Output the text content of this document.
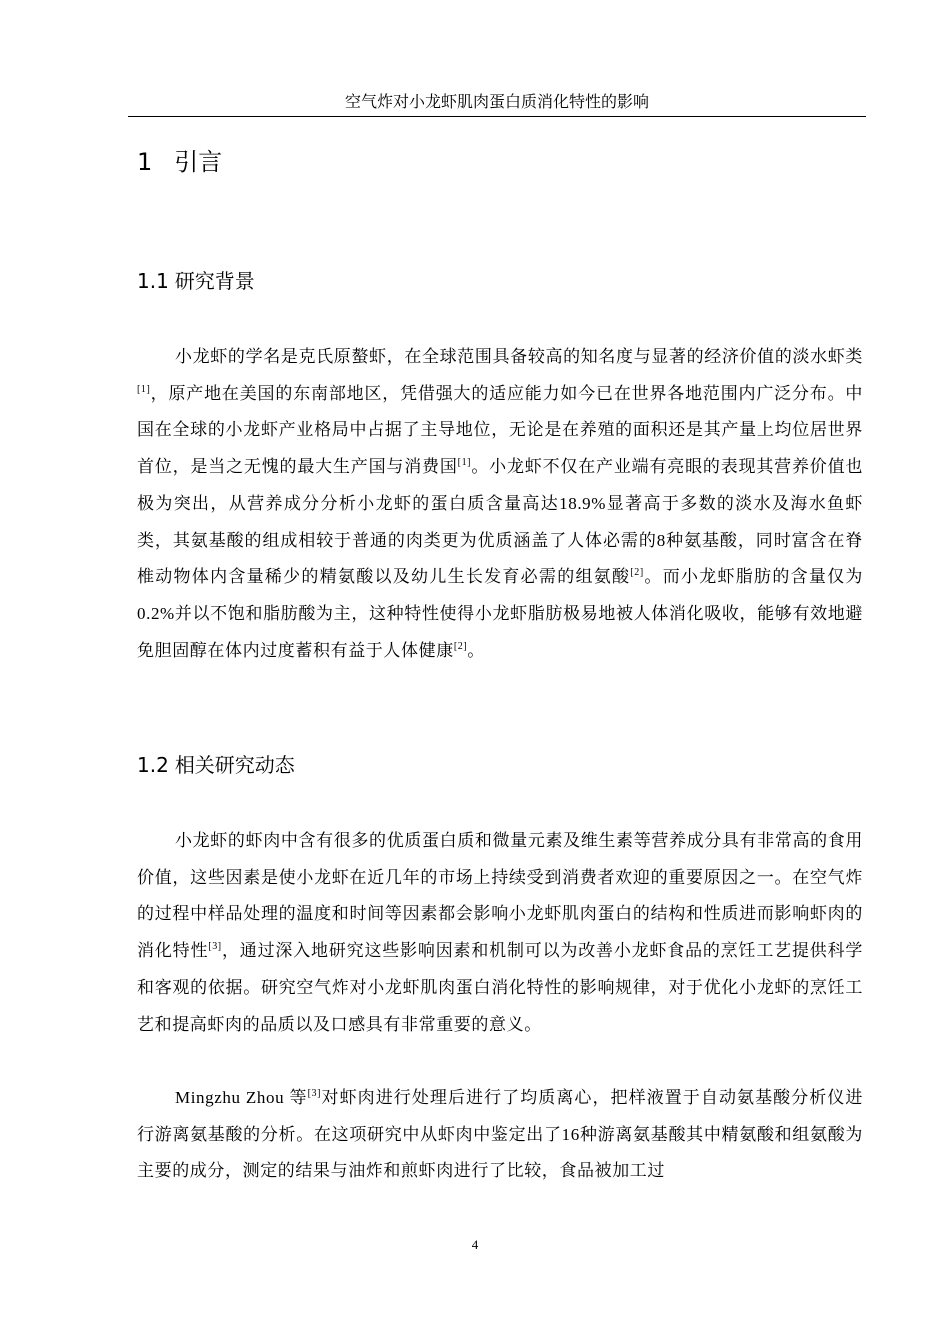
空气炸对小龙虾肌肉蛋白质消化特性的影响
1 引言
1.1 研究背景

小龙虾的学名是克氏原螯虾，在全球范围具备较高的知名度与显著的经济价值的淡水虾类[1]，原产地在美国的东南部地区，凭借强大的适应能力如今已在世界各地范围内广泛分布。中国在全球的小龙虾产业格局中占据了主导地位，无论是在养殖的面积还是其产量上均位居世界首位，是当之无愧的最大生产国与消费国[1]。小龙虾不仅在产业端有亮眼的表现其营养价值也极为突出，从营养成分分析小龙虾的蛋白质含量高达18.9%显著高于多数的淡水及海水鱼虾类，其氨基酸的组成相较于普通的肉类更为优质涵盖了人体必需的8种氨基酸，同时富含在脊椎动物体内含量稀少的精氨酸以及幼儿生长发育必需的组氨酸[2]。而小龙虾脂肪的含量仅为0.2%并以不饱和脂肪酸为主，这种特性使得小龙虾脂肪极易地被人体消化吸收，能够有效地避免胆固醇在体内过度蓄积有益于人体健康[2]。

1.2 相关研究动态

小龙虾的虾肉中含有很多的优质蛋白质和微量元素及维生素等营养成分具有非常高的食用价值，这些因素是使小龙虾在近几年的市场上持续受到消费者欢迎的重要原因之一。在空气炸的过程中样品处理的温度和时间等因素都会影响小龙虾肌肉蛋白的结构和性质进而影响虾肉的消化特性[3]，通过深入地研究这些影响因素和机制可以为改善小龙虾食品的烹饪工艺提供科学和客观的依据。研究空气炸对小龙虾肌肉蛋白消化特性的影响规律，对于优化小龙虾的烹饪工艺和提高虾肉的品质以及口感具有非常重要的意义。

Mingzhu Zhou 等[3]对虾肉进行处理后进行了均质离心，把样液置于自动氨基酸分析仪进行游离氨基酸的分析。在这项研究中从虾肉中鉴定出了16种游离氨基酸其中精氨酸和组氨酸为主要的成分，测定的结果与油炸和煎虾肉进行了比较，食品被加工过

4
